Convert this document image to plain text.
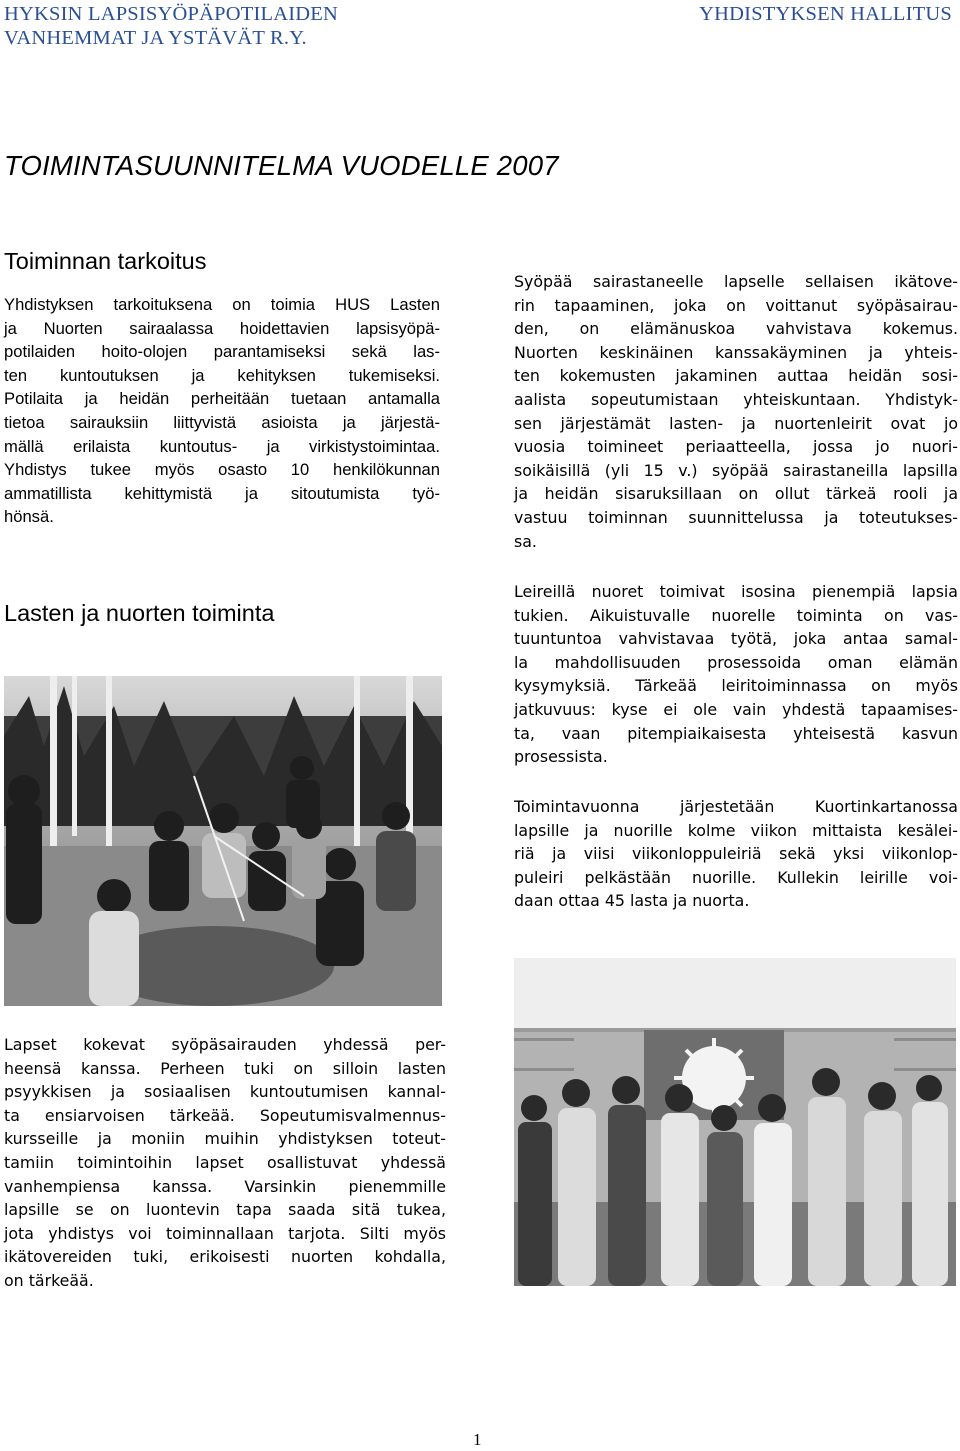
HYKSIN LAPSISYÖPÄPOTILAIDEN
VANHEMMAT JA YSTÄVÄT R.Y.
YHDISTYKSEN HALLITUS
TOIMINTASUUNNITELMA VUODELLE 2007
Toiminnan tarkoitus
Yhdistyksen tarkoituksena on toimia HUS Lasten
ja Nuorten sairaalassa hoidettavien lapsisyöpä-
potilaiden hoito-olojen parantamiseksi sekä las-
ten kuntoutuksen ja kehityksen tukemiseksi.
Potilaita ja heidän perheitään tuetaan antamalla
tietoa sairauksiin liittyvistä asioista ja järjestä-
mällä erilaista kuntoutus- ja virkistystoimintaa.
Yhdistys tukee myös osasto 10 henkilökunnan
ammatillista kehittymistä ja sitoutumista työ-
hönsä.
Lasten ja nuorten toiminta
Syöpää sairastaneelle lapselle sellaisen ikätove-
rin tapaaminen, joka on voittanut syöpäsairau-
den, on elämänuskoa vahvistava kokemus.
Nuorten keskinäinen kanssakäyminen ja yhteis-
ten kokemusten jakaminen auttaa heidän sosi-
aalista sopeutumistaan yhteiskuntaan. Yhdistyk-
sen järjestämät lasten- ja nuortenleirit ovat jo
vuosia toimineet periaatteella, jossa jo nuori-
soikäisillä (yli 15 v.) syöpää sairastaneilla lapsilla
ja heidän sisaruksillaan on ollut tärkeä rooli ja
vastuu toiminnan suunnittelussa ja toteutukses-
sa.
Leireillä nuoret toimivat isosina pienempiä lapsia
tukien. Aikuistuvalle nuorelle toiminta on vas-
tuuntuntoa vahvistavaa työtä, joka antaa samal-
la mahdollisuuden prosessoida oman elämän
kysymyksiä. Tärkeää leiritoiminnassa on myös
jatkuvuus: kyse ei ole vain yhdestä tapaamises-
ta, vaan pitempiaikaisesta yhteisestä kasvun
prosessista.
Toimintavuonna järjestetään Kuortinkartanossa
lapsille ja nuorille kolme viikon mittaista kesälei-
riä ja viisi viikonloppuleiriä sekä yksi viikonlop-
puleiri pelkästään nuorille. Kullekin leirille voi-
daan ottaa 45 lasta ja nuorta.
Lapset kokevat syöpäsairauden yhdessä per-
heensä kanssa. Perheen tuki on silloin lasten
psyykkisen ja sosiaalisen kuntoutumisen kannal-
ta ensiarvoisen tärkeää. Sopeutumisvalmennus-
kursseille ja moniin muihin yhdistyksen toteut-
tamiin toimintoihin lapset osallistuvat yhdessä
vanhempiensa kanssa. Varsinkin pienemmille
lapsille se on luontevin tapa saada sitä tukea,
jota yhdistys voi toiminnallaan tarjota. Silti myös
ikätovereiden tuki, erikoisesti nuorten kohdalla,
on tärkeää.
1
